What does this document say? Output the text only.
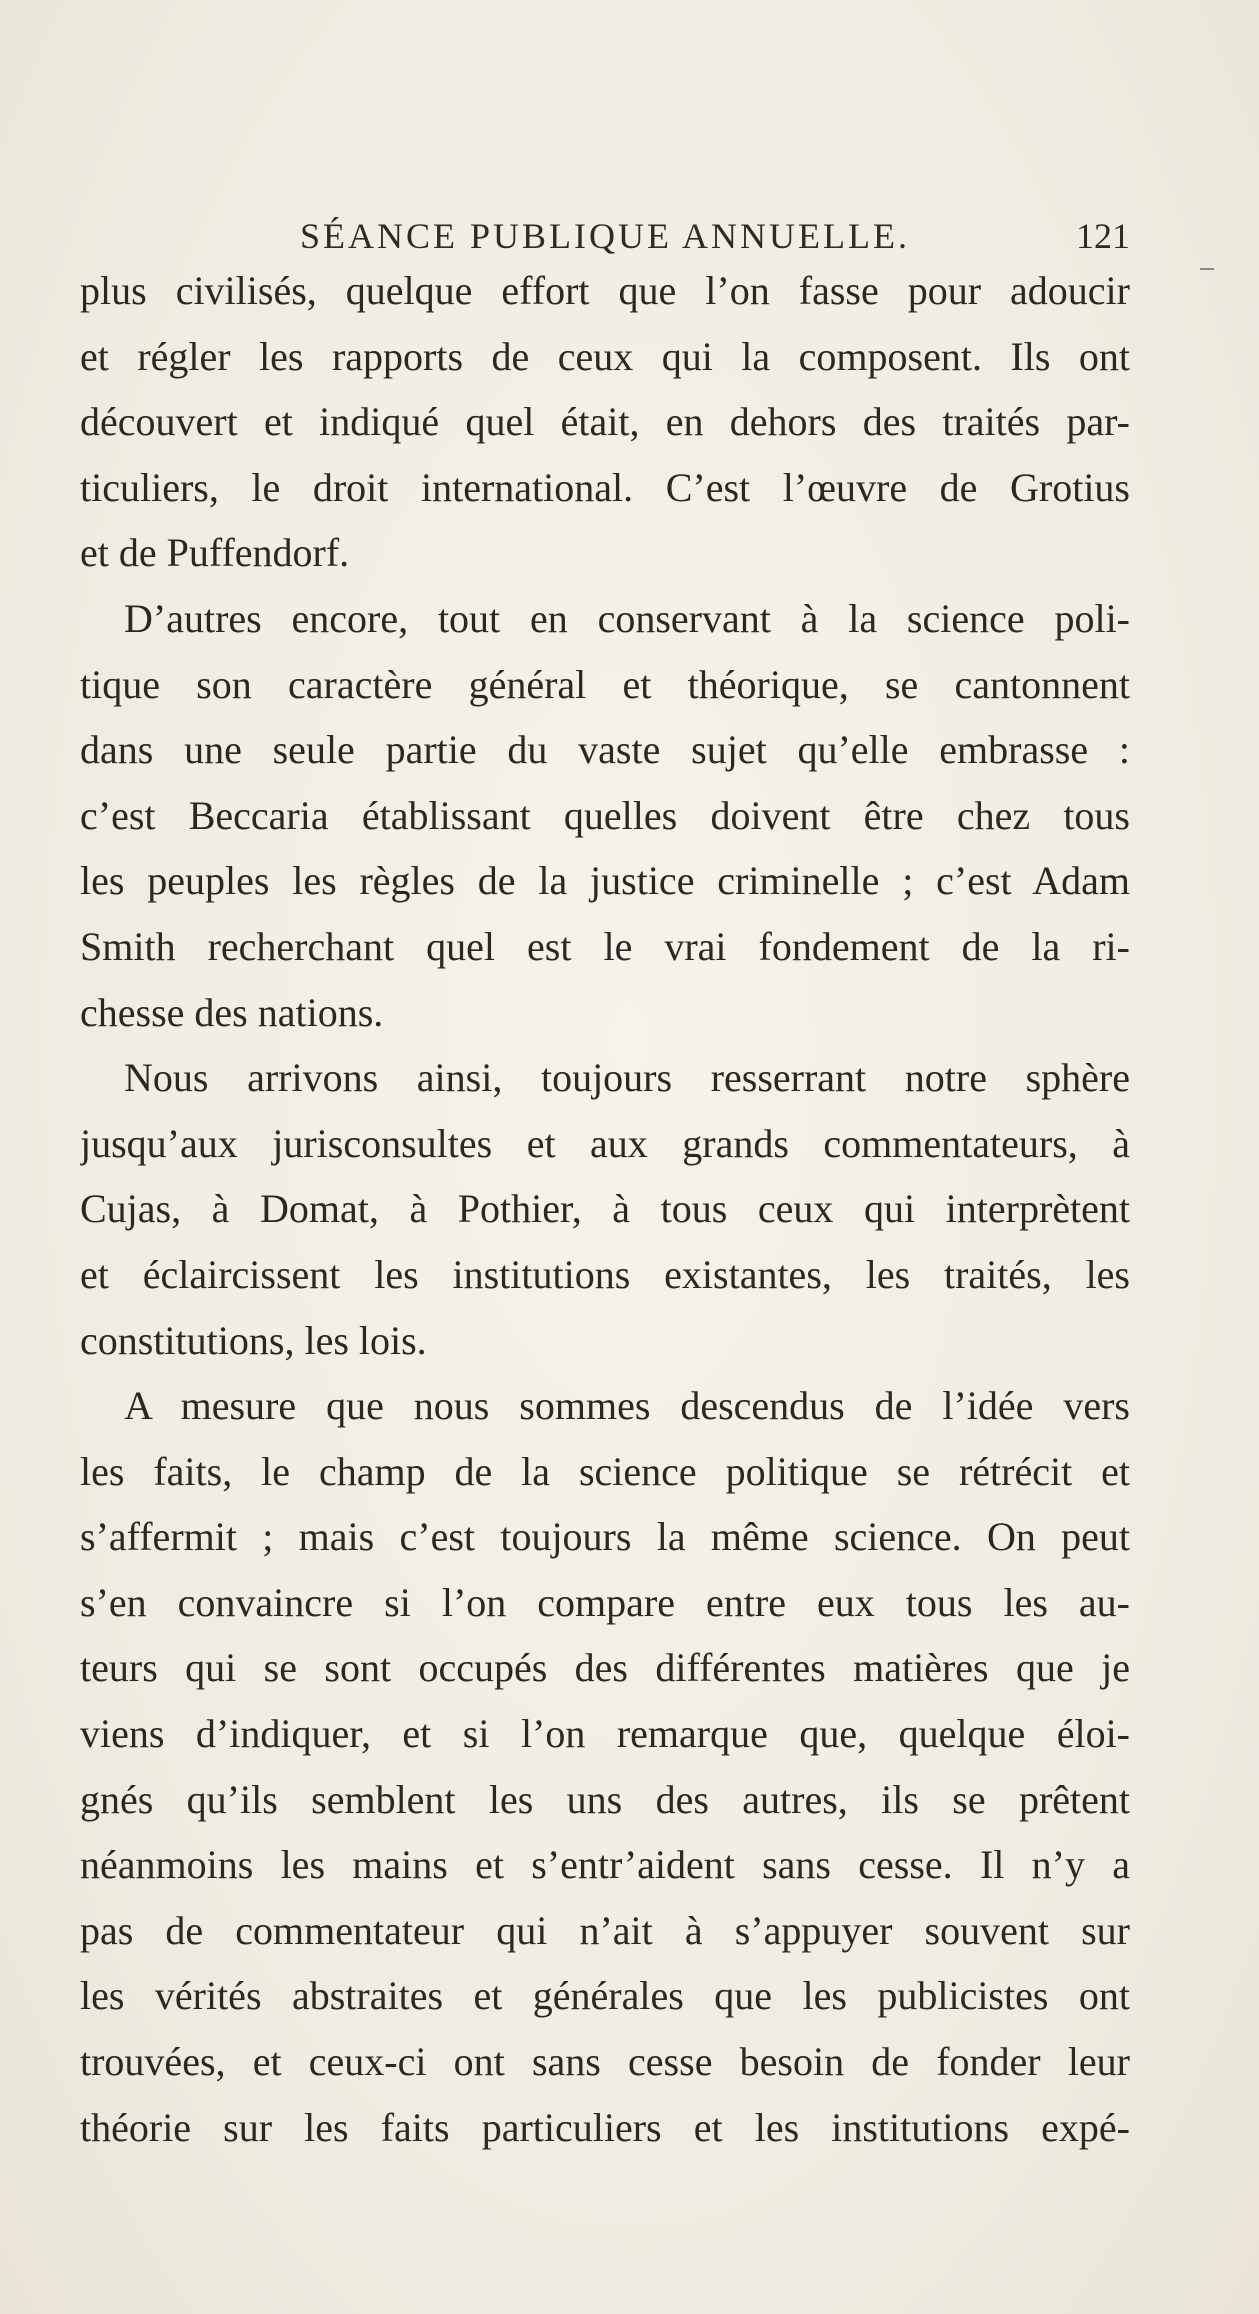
SÉANCE PUBLIQUE ANNUELLE.	121
plus civilisés, quelque effort que l’on fasse pour adoucir
et régler les rapports de ceux qui la composent. Ils ont
découvert et indiqué quel était, en dehors des traités par-
ticuliers, le droit international. C’est l’œuvre de Grotius
et de Puffendorf.
D’autres encore, tout en conservant à la science poli-
tique son caractère général et théorique, se cantonnent
dans une seule partie du vaste sujet qu’elle embrasse :
c’est Beccaria établissant quelles doivent être chez tous
les peuples les règles de la justice criminelle ; c’est Adam
Smith recherchant quel est le vrai fondement de la ri-
chesse des nations.
Nous arrivons ainsi, toujours resserrant notre sphère
jusqu’aux jurisconsultes et aux grands commentateurs, à
Cujas, à Domat, à Pothier, à tous ceux qui interprètent
et éclaircissent les institutions existantes, les traités, les
constitutions, les lois.
A mesure que nous sommes descendus de l’idée vers
les faits, le champ de la science politique se rétrécit et
s’affermit ; mais c’est toujours la même science. On peut
s’en convaincre si l’on compare entre eux tous les au-
teurs qui se sont occupés des différentes matières que je
viens d’indiquer, et si l’on remarque que, quelque éloi-
gnés qu’ils semblent les uns des autres, ils se prêtent
néanmoins les mains et s’entr’aident sans cesse. Il n’y a
pas de commentateur qui n’ait à s’appuyer souvent sur
les vérités abstraites et générales que les publicistes ont
trouvées, et ceux-ci ont sans cesse besoin de fonder leur
théorie sur les faits particuliers et les institutions expé-
